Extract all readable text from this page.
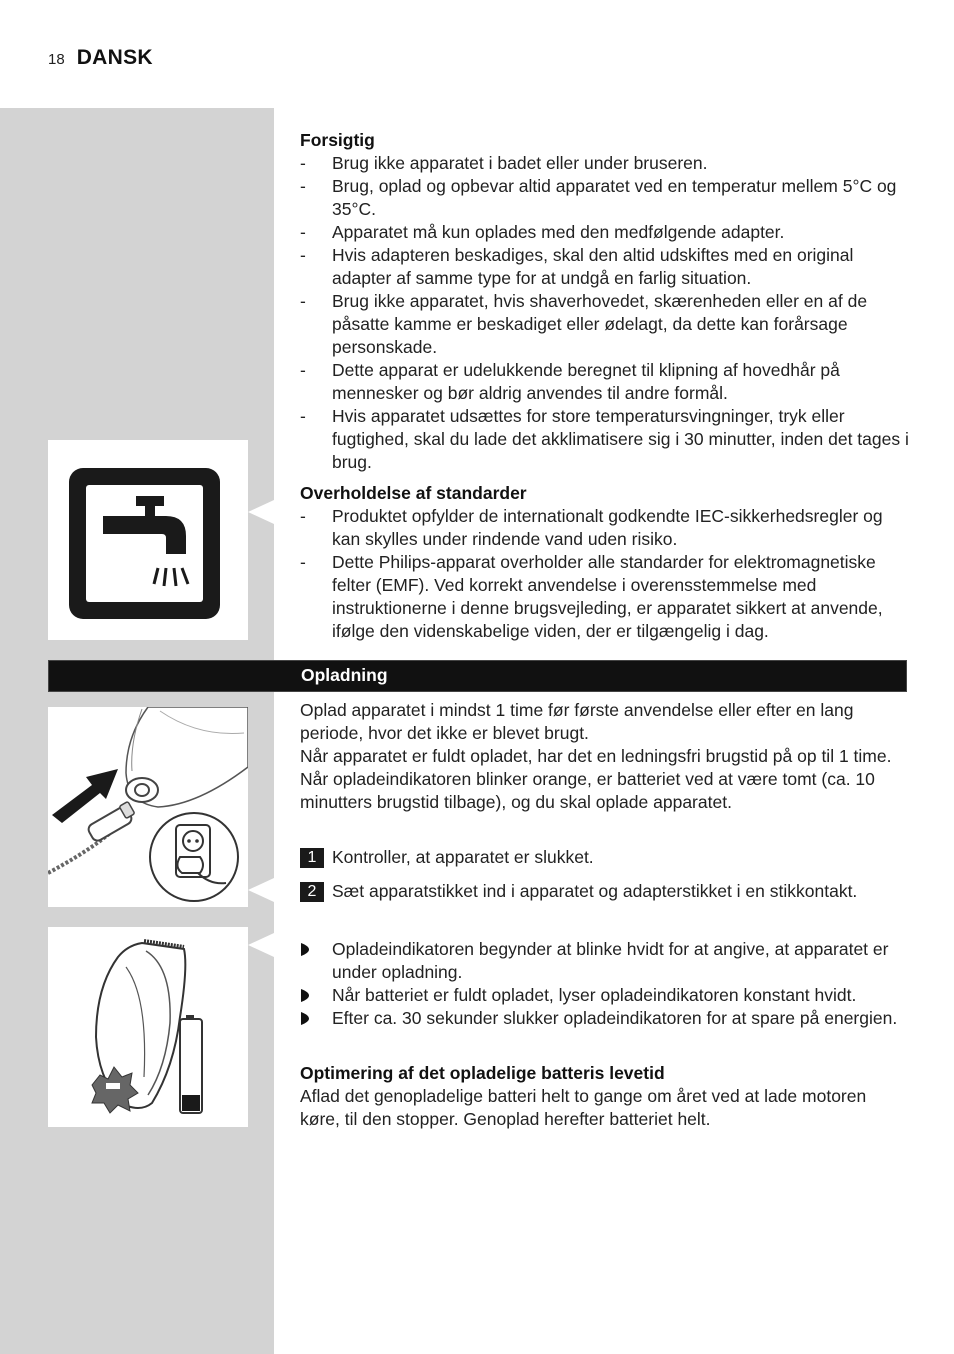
18 DANSK
Forsigtig
- Brug ikke apparatet i badet eller under bruseren.
- Brug, oplad og opbevar altid apparatet ved en temperatur mellem 5°C og 35°C.
- Apparatet må kun oplades med den medfølgende adapter.
- Hvis adapteren beskadiges, skal den altid udskiftes med en original adapter af samme type for at undgå en farlig situation.
- Brug ikke apparatet, hvis shaverhovedet, skærenheden eller en af de påsatte kamme er beskadiget eller ødelagt, da dette kan forårsage personskade.
- Dette apparat er udelukkende beregnet til klipning af hovedhår på mennesker og bør aldrig anvendes til andre formål.
- Hvis apparatet udsættes for store temperatursvingninger, tryk eller fugtighed, skal du lade det akklimatisere sig i 30 minutter, inden det tages i brug.
Overholdelse af standarder
- Produktet opfylder de internationalt godkendte IEC-sikkerhedsregler og kan skylles under rindende vand uden risiko.
- Dette Philips-apparat overholder alle standarder for elektromagnetiske felter (EMF). Ved korrekt anvendelse i overensstemmelse med instruktionerne i denne brugsvejleding, er apparatet sikkert at anvende, ifølge den videnskabelige viden, der er tilgængelig i dag.
Opladning

Oplad apparatet i mindst 1 time før første anvendelse eller efter en lang periode, hvor det ikke er blevet brugt.

Når apparatet er fuldt opladet, har det en ledningsfri brugstid på op til 1 time.

Når opladeindikatoren blinker orange, er batteriet ved at være tomt (ca. 10 minutters brugstid tilbage), og du skal oplade apparatet.

1 Kontroller, at apparatet er slukket.
2 Sæt apparatstikket ind i apparatet og adapterstikket i en stikkontakt.
Opladeindikatoren begynder at blinke hvidt for at angive, at apparatet er under opladning.
Når batteriet er fuldt opladet, lyser opladeindikatoren konstant hvidt.
Efter ca. 30 sekunder slukker opladeindikatoren for at spare på energien.
Optimering af det opladelige batteris levetid

Aflad det genopladelige batteri helt to gange om året ved at lade motoren køre, til den stopper. Genoplad herefter batteriet helt.
